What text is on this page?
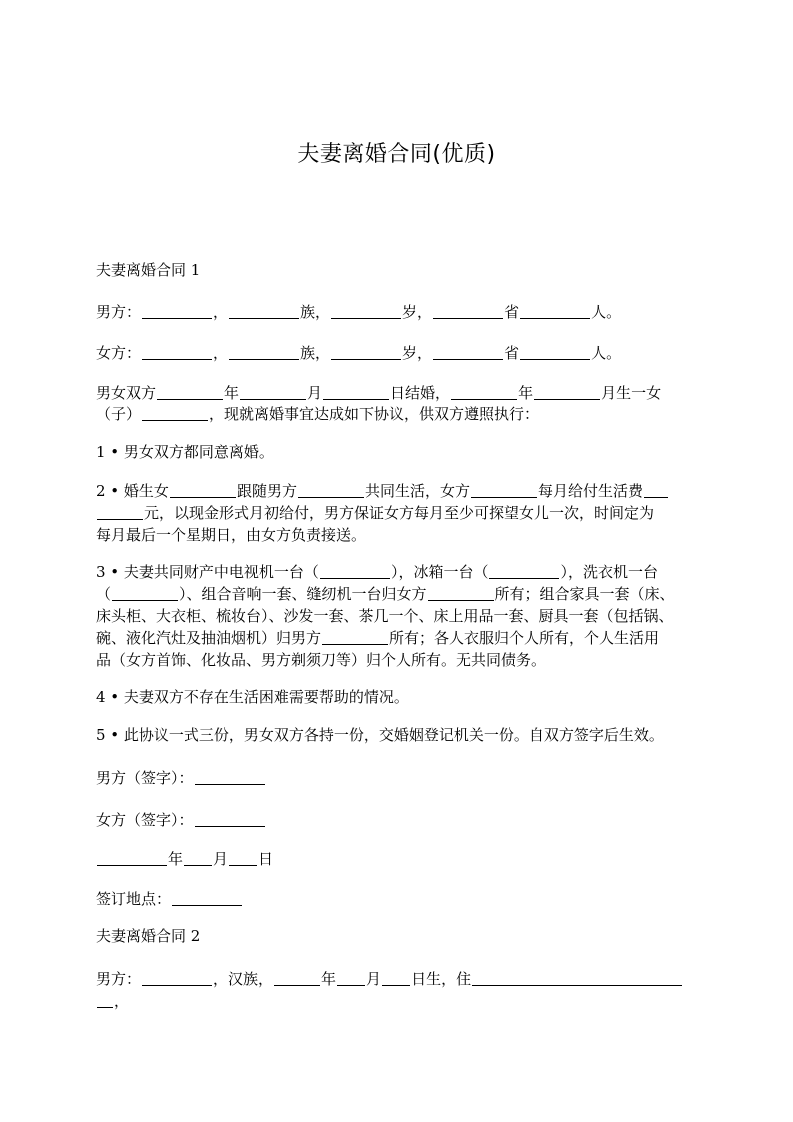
夫妻离婚合同(优质)
夫妻离婚合同 1
男方：	，	族，	岁，	省	人。
女方：	，	族，	岁，	省	人。
男女双方	年	月	日结婚，	年	月生一女
（子）	，现就离婚事宜达成如下协议，供双方遵照执行：
1 • 男女双方都同意离婚。
2 • 婚生女	跟随男方	共同生活，女方	每月给付生活费
元，以现金形式月初给付，男方保证女方每月至少可探望女儿一次，时间定为
每月最后一个星期日，由女方负责接送。
3 • 夫妻共同财产中电视机一台（	），冰箱一台（	），洗衣机一台
（	）、组合音响一套、缝纫机一台归女方	所有；组合家具一套（床、
床头柜、大衣柜、梳妆台）、沙发一套、茶几一个、床上用品一套、厨具一套（包括锅、
碗、液化汽灶及抽油烟机）归男方	所有；各人衣服归个人所有，个人生活用
品（女方首饰、化妆品、男方剃须刀等）归个人所有。无共同债务。
4 • 夫妻双方不存在生活困难需要帮助的情况。
5 • 此协议一式三份，男女双方各持一份，交婚姻登记机关一份。自双方签字后生效。
男方（签字）：
女方（签字）：
年 月 日
签订地点：
夫妻离婚合同 2
男方：	，汉族，	年 月 日生，住
，
